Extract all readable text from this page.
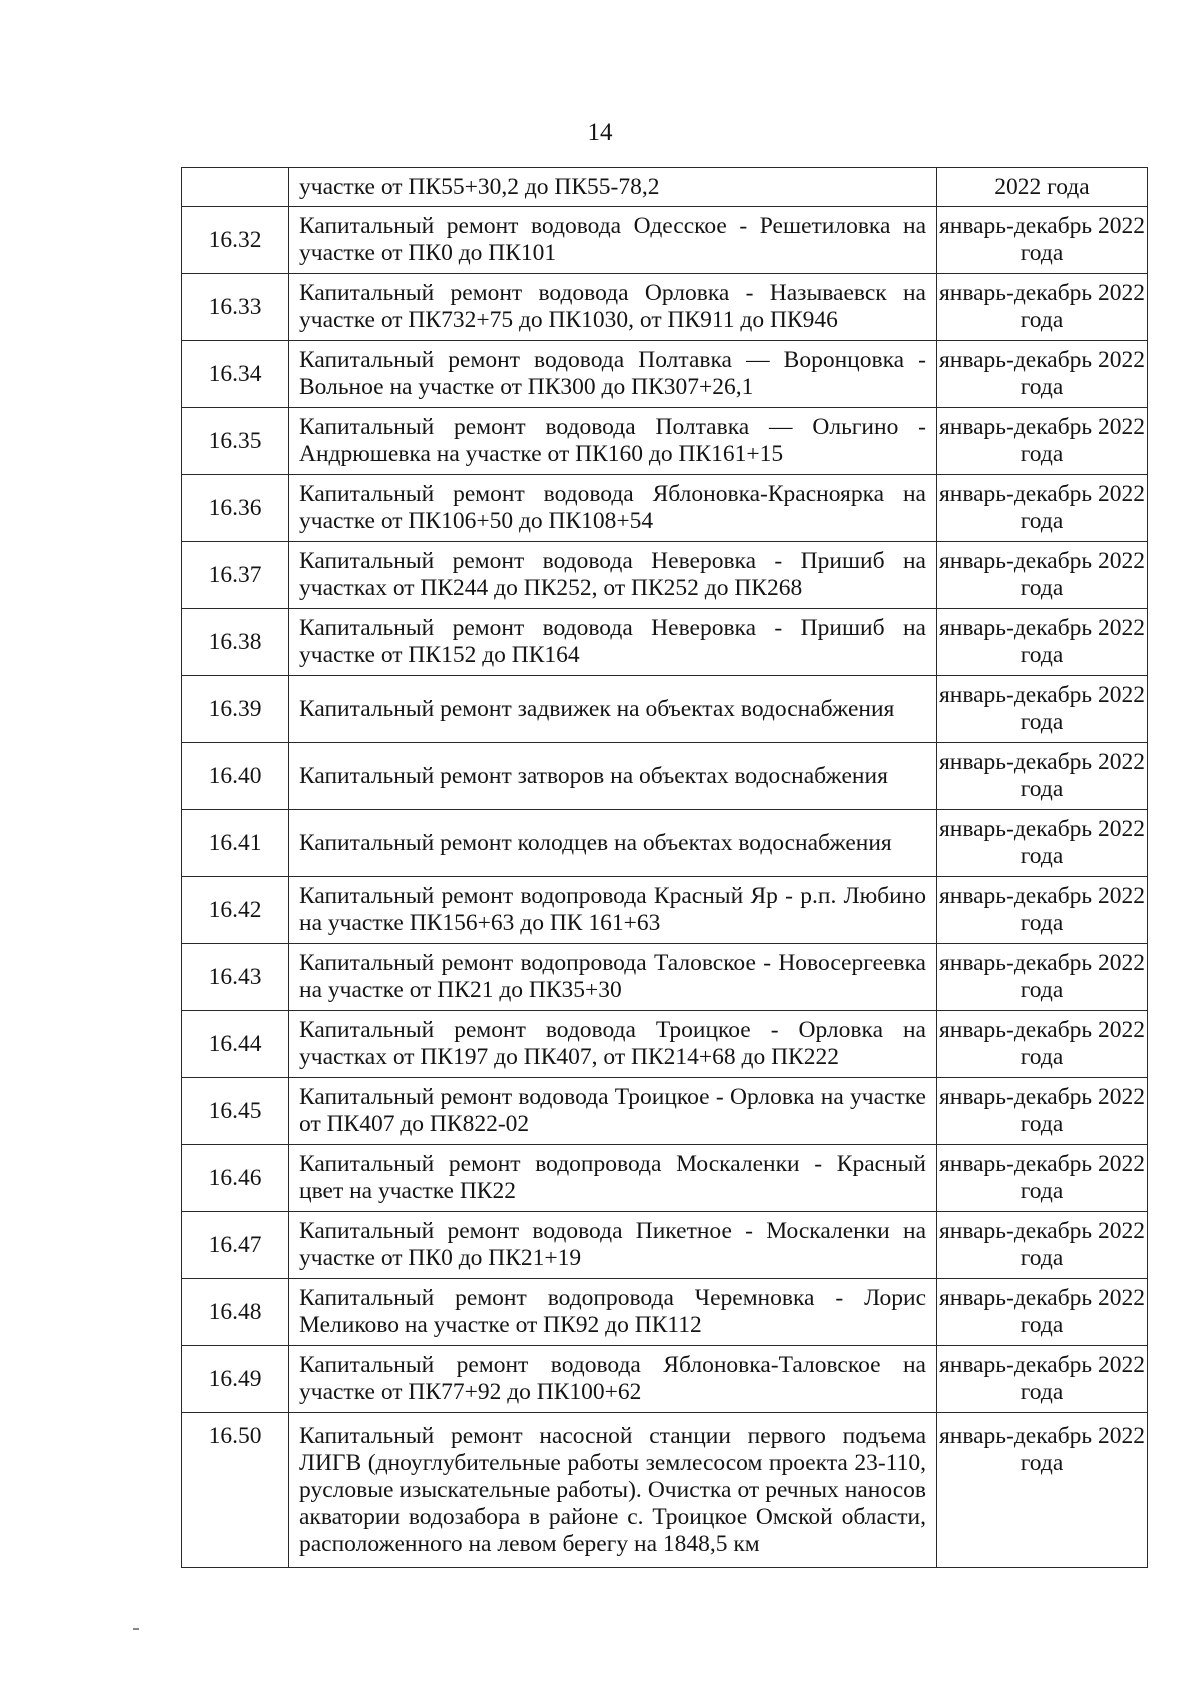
14
	участке от ПК55+30,2 до ПК55-78,2	2022 года
16.32	Капитальный ремонт водовода Одесское - Решетиловка на участке от ПК0 до ПК101	январь-декабрь 2022 года
16.33	Капитальный ремонт водовода Орловка - Называевск на участке от ПК732+75 до ПК1030, от ПК911 до ПК946	январь-декабрь 2022 года
16.34	Капитальный ремонт водовода Полтавка — Воронцовка - Вольное на участке от ПК300 до ПК307+26,1	январь-декабрь 2022 года
16.35	Капитальный ремонт водовода Полтавка — Ольгино - Андрюшевка на участке от ПК160 до ПК161+15	январь-декабрь 2022 года
16.36	Капитальный ремонт водовода Яблоновка-Красноярка на участке от ПК106+50 до ПК108+54	январь-декабрь 2022 года
16.37	Капитальный ремонт водовода Неверовка - Пришиб на участках от ПК244 до ПК252, от ПК252 до ПК268	январь-декабрь 2022 года
16.38	Капитальный ремонт водовода Неверовка - Пришиб на участке от ПК152 до ПК164	январь-декабрь 2022 года
16.39	Капитальный ремонт задвижек на объектах водоснабжения	январь-декабрь 2022 года
16.40	Капитальный ремонт затворов на объектах водоснабжения	январь-декабрь 2022 года
16.41	Капитальный ремонт колодцев на объектах водоснабжения	январь-декабрь 2022 года
16.42	Капитальный ремонт водопровода Красный Яр - р.п. Любино на участке ПК156+63 до ПК 161+63	январь-декабрь 2022 года
16.43	Капитальный ремонт водопровода Таловское - Новосергеевка на участке от ПК21 до ПК35+30	январь-декабрь 2022 года
16.44	Капитальный ремонт водовода Троицкое - Орловка на участках от ПК197 до ПК407, от ПК214+68 до ПК222	январь-декабрь 2022 года
16.45	Капитальный ремонт водовода Троицкое - Орловка на участке от ПК407 до ПК822-02	январь-декабрь 2022 года
16.46	Капитальный ремонт водопровода Москаленки - Красный цвет на участке ПК22	январь-декабрь 2022 года
16.47	Капитальный ремонт водовода Пикетное - Москаленки на участке от ПК0 до ПК21+19	январь-декабрь 2022 года
16.48	Капитальный ремонт водопровода Черемновка - Лорис Меликово на участке от ПК92 до ПК112	январь-декабрь 2022 года
16.49	Капитальный ремонт водовода Яблоновка-Таловское на участке от ПК77+92 до ПК100+62	январь-декабрь 2022 года
16.50	Капитальный ремонт насосной станции первого подъема ЛИГВ (дноуглубительные работы землесосом проекта 23-110, русловые изыскательные работы). Очистка от речных наносов акватории водозабора в районе с. Троицкое Омской области, расположенного на левом берегу на 1848,5 км	январь-декабрь 2022 года
